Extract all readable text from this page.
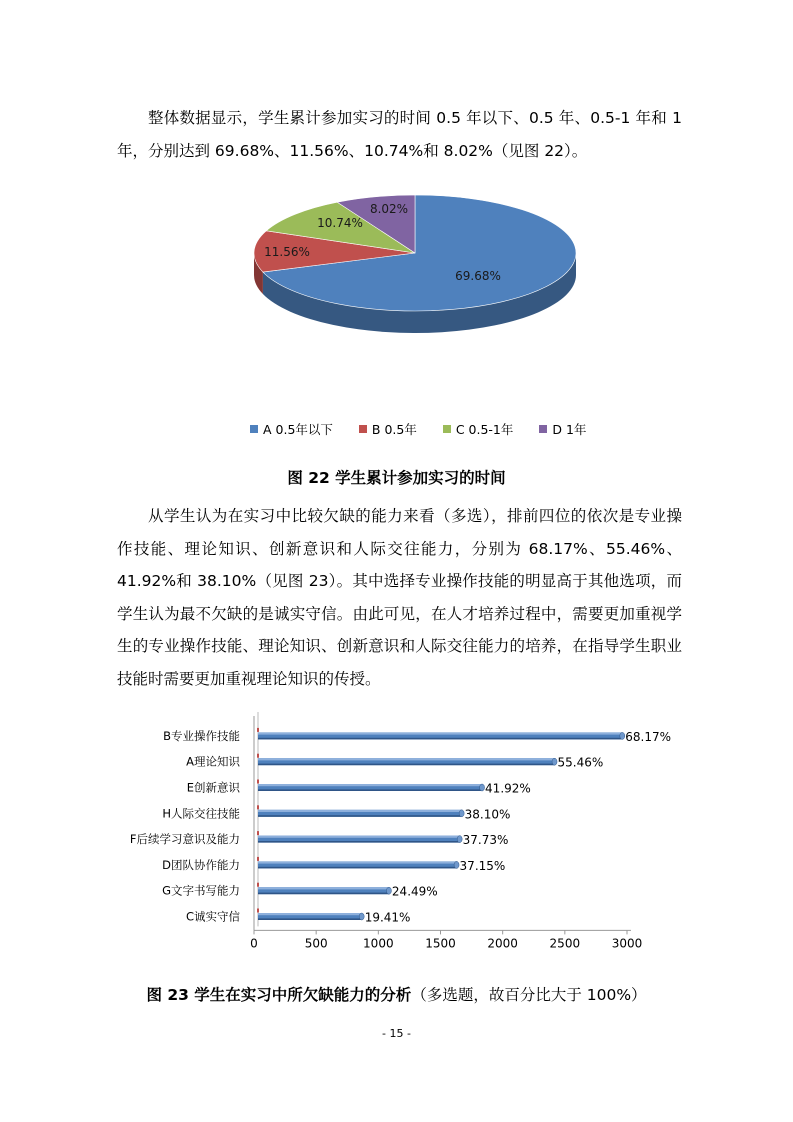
整体数据显示，学生累计参加实习的时间 0.5 年以下、0.5 年、0.5-1 年和 1 年，分别达到 69.68%、11.56%、10.74%和 8.02%（见图 22）。

69.68%
11.56%
10.74%
8.02%
A 0.5年以下	B 0.5年	C 0.5-1年	D 1年

图 22 学生累计参加实习的时间

从学生认为在实习中比较欠缺的能力来看（多选），排前四位的依次是专业操作技能、理论知识、创新意识和人际交往能力，分别为 68.17%、55.46%、41.92%和 38.10%（见图 23）。其中选择专业操作技能的明显高于其他选项，而学生认为最不欠缺的是诚实守信。由此可见，在人才培养过程中，需要更加重视学生的专业操作技能、理论知识、创新意识和人际交往能力的培养，在指导学生职业技能时需要更加重视理论知识的传授。

0	500	1000	1500	2000	2500	3000
B专业操作技能	68.17%
A理论知识	55.46%
E创新意识	41.92%
H人际交往技能	38.10%
F后续学习意识及能力	37.73%
D团队协作能力	37.15%
G文字书写能力	24.49%
C诚实守信	19.41%

图 23 学生在实习中所欠缺能力的分析（多选题，故百分比大于 100%）

- 15 -
